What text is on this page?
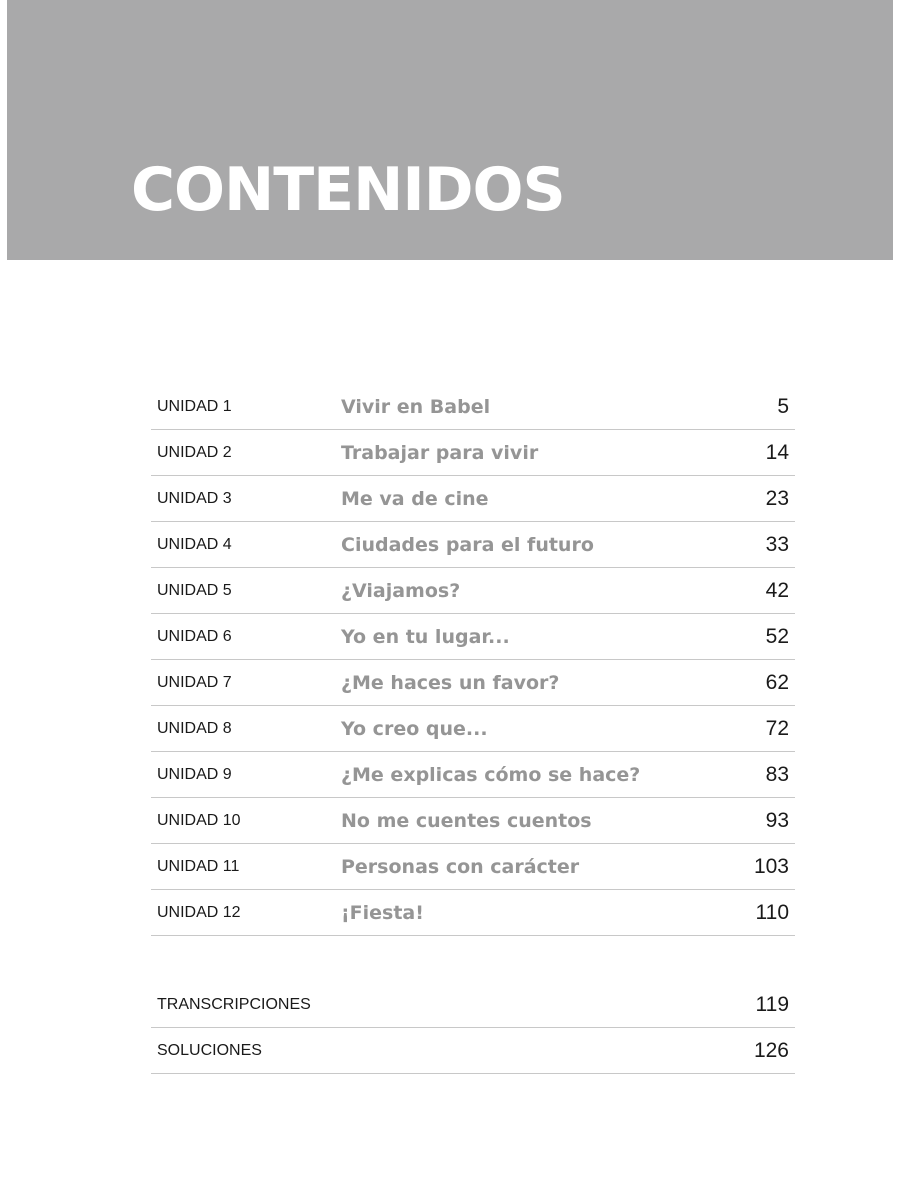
CONTENIDOS
UNIDAD 1	Vivir en Babel	5
UNIDAD 2	Trabajar para vivir	14
UNIDAD 3	Me va de cine	23
UNIDAD 4	Ciudades para el futuro	33
UNIDAD 5	¿Viajamos?	42
UNIDAD 6	Yo en tu lugar...	52
UNIDAD 7	¿Me haces un favor?	62
UNIDAD 8	Yo creo que...	72
UNIDAD 9	¿Me explicas cómo se hace?	83
UNIDAD 10	No me cuentes cuentos	93
UNIDAD 11	Personas con carácter	103
UNIDAD 12	¡Fiesta!	110
TRANSCRIPCIONES	119
SOLUCIONES	126
